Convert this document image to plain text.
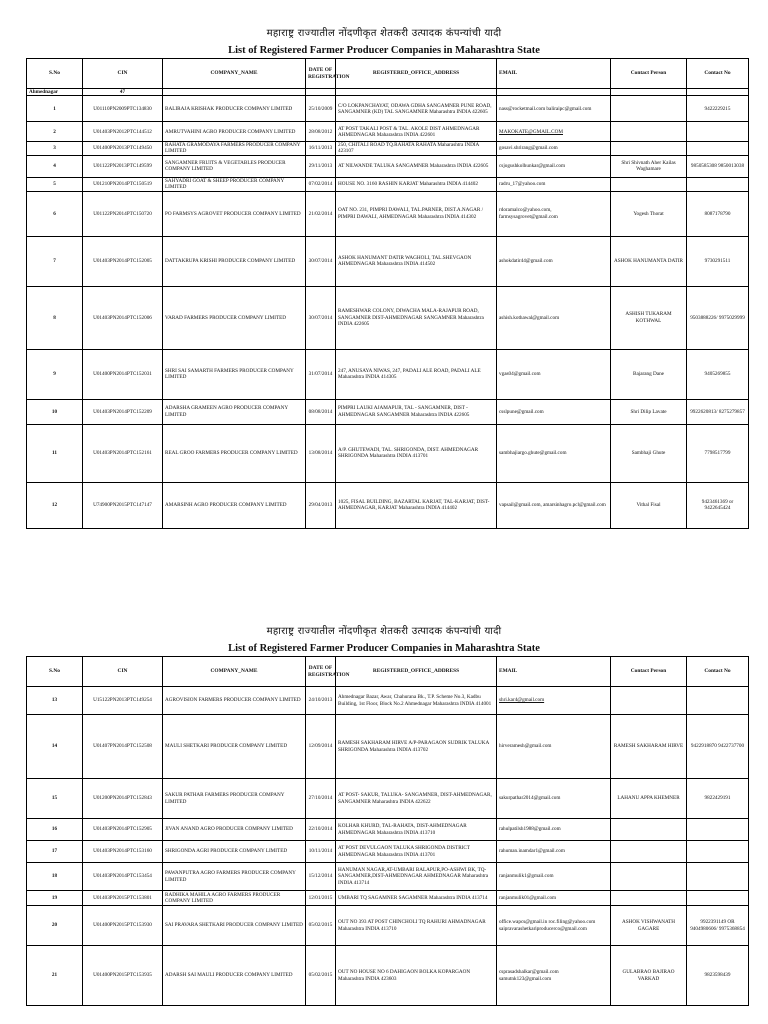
महाराष्ट्र राज्यातील नोंदणीकृत शेतकरी उत्पादक कंपन्यांची यादी
List of Registered Farmer Producer Companies in Maharashtra State
S.No	CIN	COMPANY_NAME	DATE OF REGISTRATION	REGISTERED_OFFICE_ADDRESS	EMAIL	Contact Person	Contact No
Ahmednagar	47						
1	U01110PN2009PTC134830	BALIRAJA KRISHAK PRODUCER COMPANY LIMITED	25/10/2009	C/O LOKPANCHAYAT, ODAWA GDHA SANGAMNER PUNE ROAD, SANGAMNER (KD) TAL SANGAMNER Maharashtra INDIA 422605	nass@rocketmail.com baliraipc@gmail.com		9422229215
2	U01403PN2012PTC144512	AMRUTVAHINI AGRO PRODUCER COMPANY LIMITED	28/08/2012	AT POST TAKALI POST & TAL. AKOLE DIST AHMEDNAGAR AHMEDNAGAR Maharashtra INDIA 422601	MAKOKATE@GMAIL.COM		
3	U01400PN2013PTC149450	RAHATA GRAMODAYA FARMERS PRODUCER COMPANY LIMITED	16/11/2013	250, CHITALI ROAD TQ.RAHATA RAHATA Maharashtra INDIA 423107	gosavi.shrirang@gmail.com		
4	U01122PN2013PTC149599	SANGAMNER FRUITS & VEGETABLES PRODUCER COMPANY LIMITED	29/11/2013	AT NILWANDE TALUKA SANGAMNER Maharashtra INDIA 422605	csjogushkolhunkar@gmail.com	Shri Shivnath Aher Kailas Waghamare	9850585308 9850013038
5	U01210PN2014PTC150519	SAHYADRI GOAT & SHEEP PRODUCER COMPANY LIMITED	07/02/2014	HOUSE NO. 3160 RASHIN KARJAT Maharashtra INDIA 414402	radru_17@yahoo.com		
6	U01122PN2014PTC150720	PO FARMSYS AGROVET PRODUCER COMPANY LIMITED	21/02/2014	OAT NO. 231, PIMPRI DAWALI, TAL.PARNER, DIST.A.NAGAR / PIMPRI DAWALI, AHMEDNAGAR Maharashtra INDIA 414302	rdoramalco@yahoo.com, farmsysagrovet@gmail.com	Yogesh Thorat	8087178790
7	U01403PN2014PTC152005	DATTAKRUPA KRISHI PRODUCER COMPANY LIMITED	30/07/2014	ASHOK HANUMANT DATIR WAGHOLI, TAL.SHEVGAON AHMEDNAGAR Maharashtra INDIA 414502	ashokdatir44@gmail.com	ASHOK HANUMANTA DATIR	9730291511
8	U01403PN2014PTC152006	VARAD FARMERS PRODUCER COMPANY LIMITED	30/07/2014	RAMESHWAR COLONY, DIWACHA MALA-RAJAPUR ROAD, SANGAMNER DIST-AHMEDNAGAR SANGAMNER Maharashtra INDIA 422605	ashish.kothawal@gmail.com	ASHISH TUKARAM KOTHWAL	9503888226/ 9975029999
9	U01400PN2014PTC152031	SHRI SAI SAMARTH FARMERS PRODUCER COMPANY LIMITED	31/07/2014	247, ANUSAYA NIWAS, 247, PADALI ALE ROAD, PADALI ALE Maharashtra INDIA 414305	vgas04@gmail.com	Bajarang Dane	9405269855
10	U01403PN2014PTC152209	ADARSHA GRAMEEN AGRO PRODUCER COMPANY LIMITED	08/08/2014	PIMPRI LAUKI AJAMAPUR, TAL - SANGAMNER, DIST - AHMEDNAGAR SANGAMNER Maharashtra INDIA 422605	csslpune@gmail.com	Shri Dilip Lavate	9922620813/ 8275279857
11	U01403PN2014PTC152161	REAL GROO FARMERS PRODUCER COMPANY LIMITED	13/08/2014	A/P. GHUTEWADI, TAL. SHRIGONDA, DIST. AHMEDNAGAR SHRIGONDA Maharashtra INDIA 413701	sambhajiargo.ghute@gmail.com	Sambhaji Ghute	7798517799
12	U74900PN2015PTC147147	AMARSINH AGRO PRODUCER COMPANY LIMITED	29/04/2013	1025, FISAL BUILDING, BAZARTAL KARJAT, TAL-KARJAT, DIST- AHMEDNAGAR, KARJAT Maharashtra INDIA 414402	vapsail@gmail.com, amarsinhagro.pcl@gmail.com	Vithal Fisal	9423461369 or 9422645424
महाराष्ट्र राज्यातील नोंदणीकृत शेतकरी उत्पादक कंपन्यांची यादी
List of Registered Farmer Producer Companies in Maharashtra State
S.No	CIN	COMPANY_NAME	DATE OF REGISTRATION	REGISTERED_OFFICE_ADDRESS	EMAIL	Contact Person	Contact No
13	U15122PN2013PTC149254	AGROVISION FARMERS PRODUCER COMPANY LIMITED	24/10/2013	Ahmednagar Bazar, Awar, Chahurana Bk., T.P. Scheme No.3, Kadbu Building, 1st Floor, Block No.2 Ahmednagar Maharashtra INDIA 414001	shri.kar4@gmail.com		
14	U01407PN2014PTC152508	MAULI SHETKARI PRODUCER COMPANY LIMITED	12/09/2014	RAMESH SAKHARAM HIRVE A/P-PARAGAON SUDRIK TALUKA SHRIGONDA Maharashtra INDIA 413702	hirveramesh@gmail.com	RAMESH SAKHARAM HIRVE	9422918870 9422737700
15	U01200PN2014PTC152843	SAKUR PATHAR FARMERS PRODUCER COMPANY LIMITED	27/10/2014	AT POST- SAKUR, TALUKA- SANGAMNER, DIST-AHMEDNAGAR, SANGAMNER Maharashtra INDIA 422622	sakurpathar2014@gmail.com	LAHANU APPA KHEMNER	9822429191
16	U01403PN2014PTC152905	JIVAN ANAND AGRO PRODUCER COMPANY LIMITED	22/10/2014	KOLHAR KHURD, TAL-RAHATA, DIST-AHMEDNAGAR AHMEDNAGAR Maharashtra INDIA 413710	rahulpatilsh1988@gmail.com		
17	U01403PN2014PTC153160	SHRIGONDA AGRI PRODUCER COMPANY LIMITED	10/11/2014	AT POST DEVULGAON TALUKA SHRIGONDA DISTRICT AHMEDNAGAR Maharashtra INDIA 413701	rahuman.inamdar1@gmail.com		
18	U01403PN2014PTC153454	PAWANPUTRA AGRO FARMERS PRODUCER COMPANY LIMITED	15/12/2014	HANUMAN NAGAR,AT-UMBARI BALAPUR,PO-ASHWI BK, TQ-SANGAMNER,DIST-AHMEDNAGAR AHMEDNAGAR Maharashtra INDIA 413714	ranjanmulik1@gmail.com		
19	U01403PN2015PTC153801	RADHIKA MAHILA AGRO FARMERS PRODUCER COMPANY LIMITED	12/01/2015	UMBARI TQ SAGAMNER SAGAMNER Maharashtra INDIA 413714	ranjanmulik01@gmail.com		
20	U01400PN2015PTC153930	SAI PRAVARA SHETKARI PRODUCER COMPANY LIMITED	05/02/2015	OUT NO 393 AT POST CHINCHOLI TQ RAHURI AHMADNAGAR Maharashtra INDIA 413710	office.wapcs@gmail.in roc.filing@yahoo.com saipravarashetkariproducerco@gmail.com	ASHOK VISHWANATH GAGARE	9922391149 OR 9404980606/ 9975368854
21	U01400PN2015PTC153935	ADARSH SAI MAULI PRODUCER COMPANY LIMITED	05/02/2015	OUT NO HOUSE NO 6 DAHIGAON BOLKA KOPARGAON Maharashtra INDIA 423603	csprasadshalkar@gmail.com samutnk123@gmail.com	GULABRAO BAJIRAO VARKAD	9823598439
